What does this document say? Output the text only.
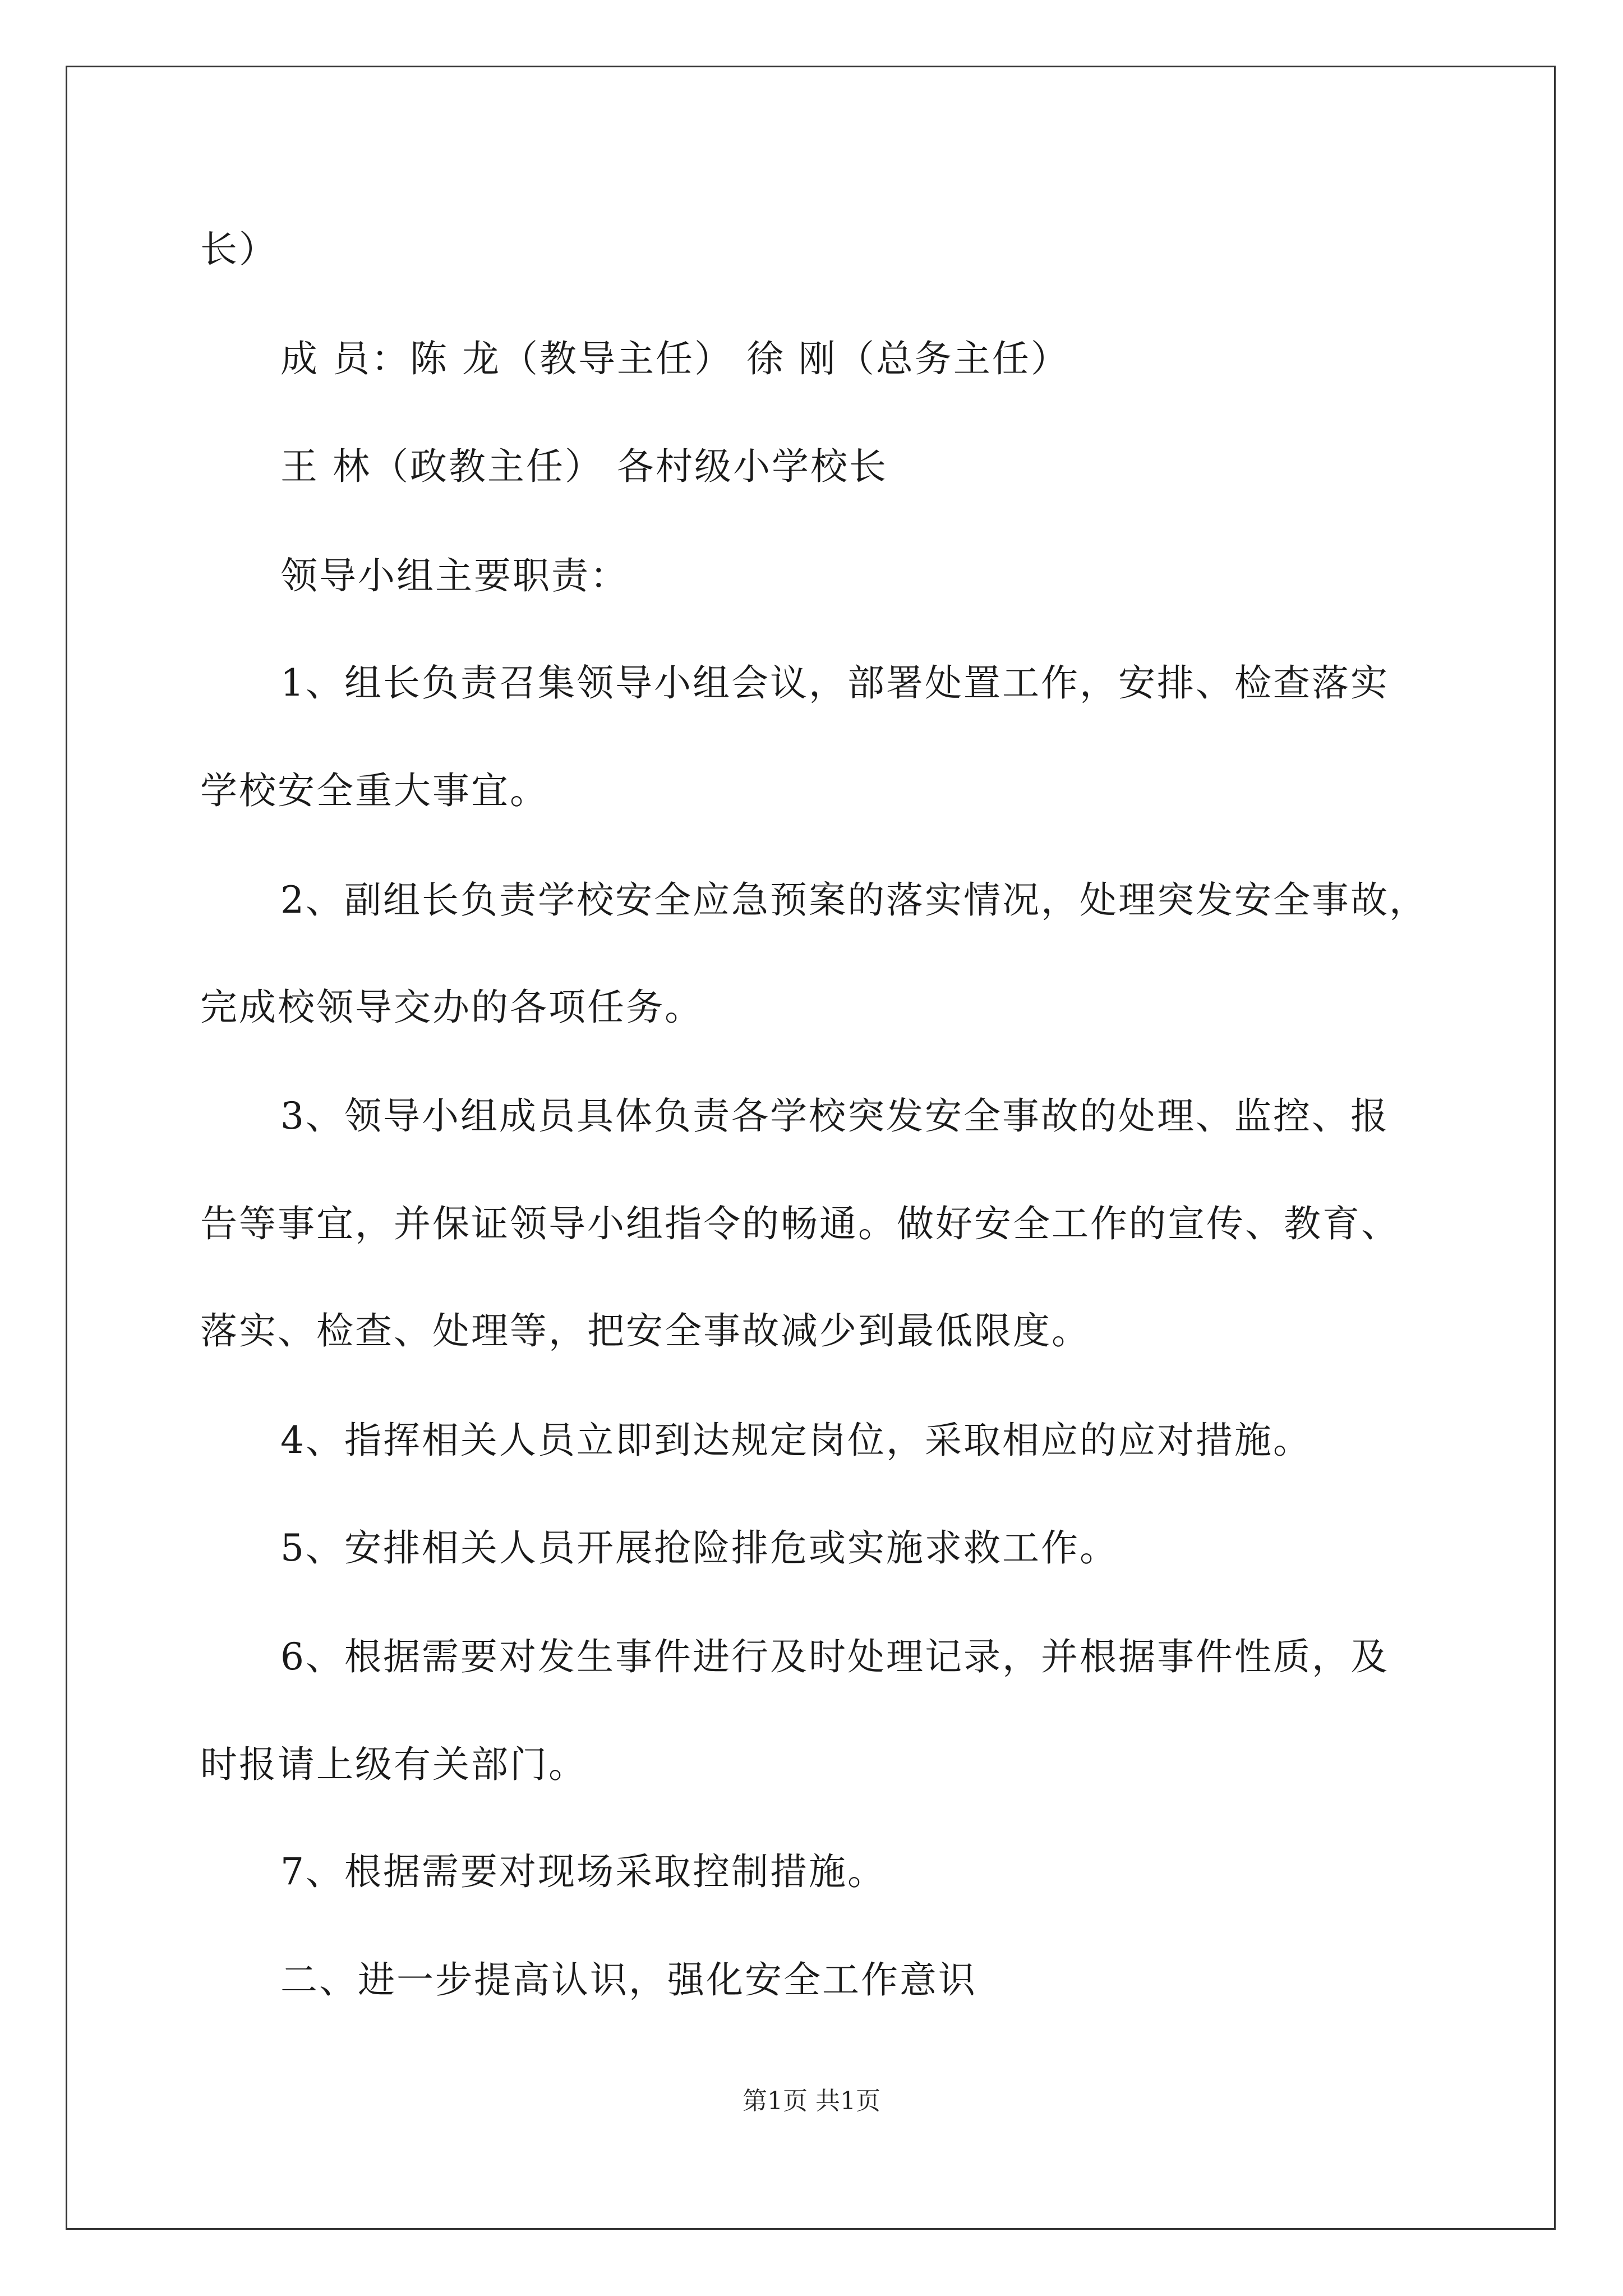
长）
成 员：陈 龙（教导主任） 徐 刚（总务主任）
王 林（政教主任） 各村级小学校长
领导小组主要职责：
1、组长负责召集领导小组会议，部署处置工作，安排、检查落实
学校安全重大事宜。
2、副组长负责学校安全应急预案的落实情况，处理突发安全事故，
完成校领导交办的各项任务。
3、领导小组成员具体负责各学校突发安全事故的处理、监控、报
告等事宜，并保证领导小组指令的畅通。做好安全工作的宣传、教育、
落实、检查、处理等，把安全事故减少到最低限度。
4、指挥相关人员立即到达规定岗位，采取相应的应对措施。
5、安排相关人员开展抢险排危或实施求救工作。
6、根据需要对发生事件进行及时处理记录，并根据事件性质，及
时报请上级有关部门。
7、根据需要对现场采取控制措施。
二、进一步提高认识，强化安全工作意识
第1页 共1页
